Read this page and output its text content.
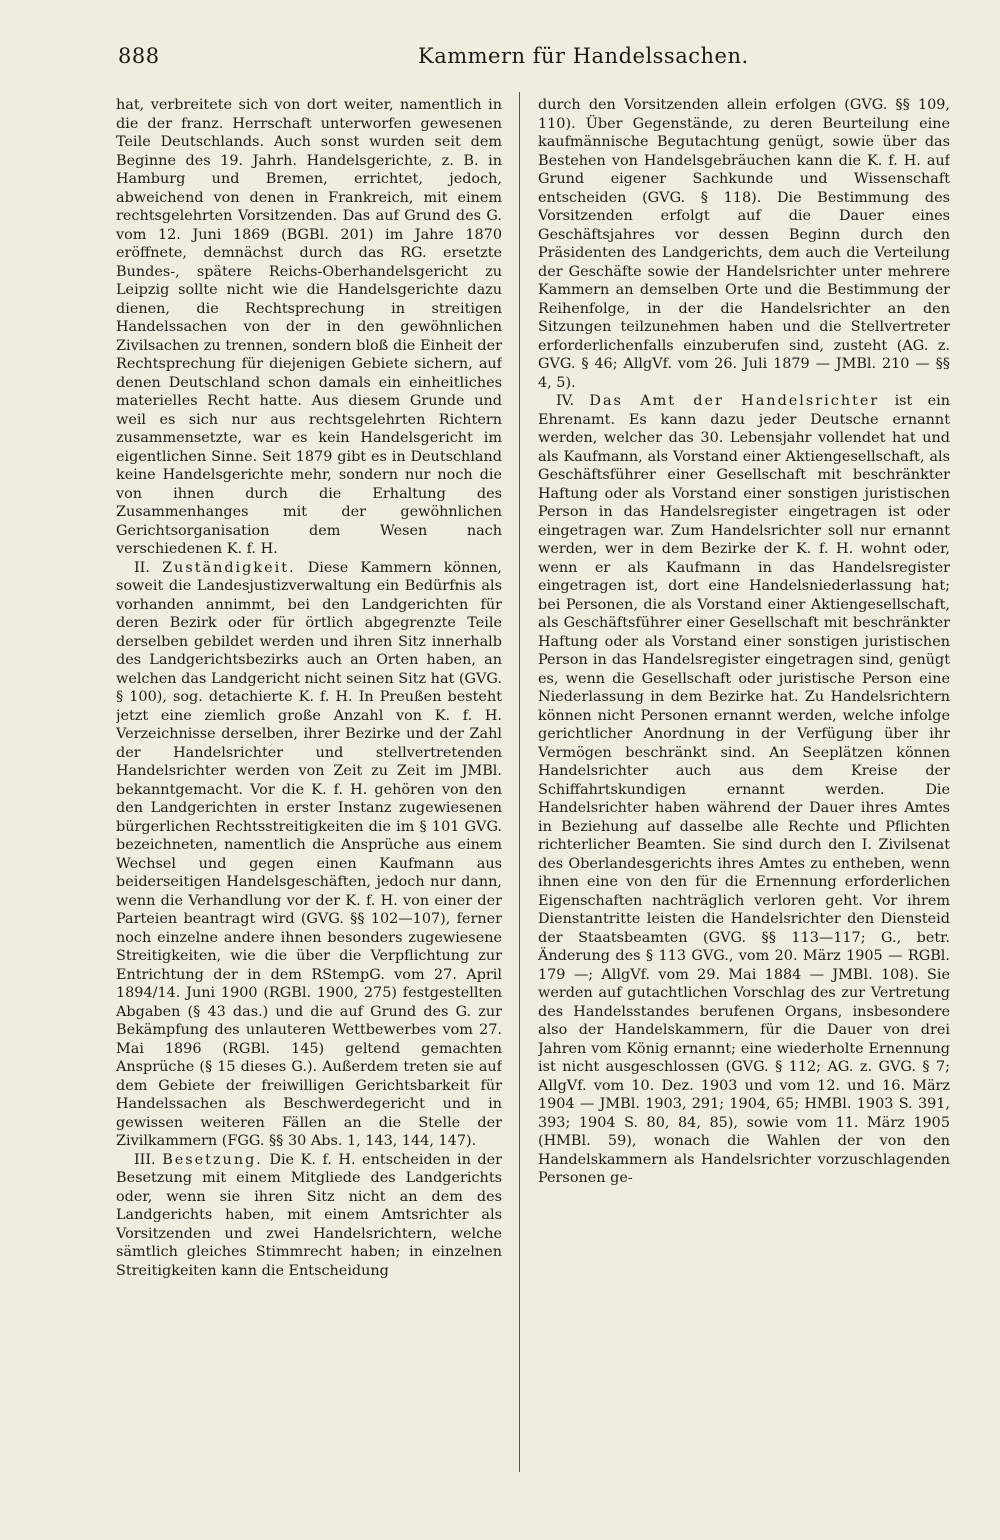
888	Kammern für Handelssachen.

hat, verbreitete sich von dort weiter, namentlich in die der franz. Herrschaft unterworfen gewesenen Teile Deutschlands. Auch sonst wurden seit dem Beginne des 19. Jahrh. Handelsgerichte, z. B. in Hamburg und Bremen, errichtet, jedoch, abweichend von denen in Frankreich, mit einem rechtsgelehrten Vorsitzenden. Das auf Grund des G. vom 12. Juni 1869 (BGBl. 201) im Jahre 1870 eröffnete, demnächst durch das RG. ersetzte Bundes-, spätere Reichs-Oberhandelsgericht zu Leipzig sollte nicht wie die Handelsgerichte dazu dienen, die Rechtsprechung in streitigen Handelssachen von der in den gewöhnlichen Zivilsachen zu trennen, sondern bloß die Einheit der Rechtsprechung für diejenigen Gebiete sichern, auf denen Deutschland schon damals ein einheitliches materielles Recht hatte. Aus diesem Grunde und weil es sich nur aus rechtsgelehrten Richtern zusammensetzte, war es kein Handelsgericht im eigentlichen Sinne. Seit 1879 gibt es in Deutschland keine Handelsgerichte mehr, sondern nur noch die von ihnen durch die Erhaltung des Zusammenhanges mit der gewöhnlichen Gerichtsorganisation dem Wesen nach verschiedenen K. f. H.

II. Zuständigkeit. Diese Kammern können, soweit die Landesjustizverwaltung ein Bedürfnis als vorhanden annimmt, bei den Landgerichten für deren Bezirk oder für örtlich abgegrenzte Teile derselben gebildet werden und ihren Sitz innerhalb des Landgerichtsbezirks auch an Orten haben, an welchen das Landgericht nicht seinen Sitz hat (GVG. § 100), sog. detachierte K. f. H. In Preußen besteht jetzt eine ziemlich große Anzahl von K. f. H. Verzeichnisse derselben, ihrer Bezirke und der Zahl der Handelsrichter und stellvertretenden Handelsrichter werden von Zeit zu Zeit im JMBl. bekanntgemacht. Vor die K. f. H. gehören von den den Landgerichten in erster Instanz zugewiesenen bürgerlichen Rechtsstreitigkeiten die im § 101 GVG. bezeichneten, namentlich die Ansprüche aus einem Wechsel und gegen einen Kaufmann aus beiderseitigen Handelsgeschäften, jedoch nur dann, wenn die Verhandlung vor der K. f. H. von einer der Parteien beantragt wird (GVG. §§ 102—107), ferner noch einzelne andere ihnen besonders zugewiesene Streitigkeiten, wie die über die Verpflichtung zur Entrichtung der in dem RStempG. vom 27. April 1894/14. Juni 1900 (RGBl. 1900, 275) festgestellten Abgaben (§ 43 das.) und die auf Grund des G. zur Bekämpfung des unlauteren Wettbewerbes vom 27. Mai 1896 (RGBl. 145) geltend gemachten Ansprüche (§ 15 dieses G.). Außerdem treten sie auf dem Gebiete der freiwilligen Gerichtsbarkeit für Handelssachen als Beschwerdegericht und in gewissen weiteren Fällen an die Stelle der Zivilkammern (FGG. §§ 30 Abs. 1, 143, 144, 147).

III. Besetzung. Die K. f. H. entscheiden in der Besetzung mit einem Mitgliede des Landgerichts oder, wenn sie ihren Sitz nicht an dem des Landgerichts haben, mit einem Amtsrichter als Vorsitzenden und zwei Handelsrichtern, welche sämtlich gleiches Stimmrecht haben; in einzelnen Streitigkeiten kann die Entscheidung

durch den Vorsitzenden allein erfolgen (GVG. §§ 109, 110). Über Gegenstände, zu deren Beurteilung eine kaufmännische Begutachtung genügt, sowie über das Bestehen von Handelsgebräuchen kann die K. f. H. auf Grund eigener Sachkunde und Wissenschaft entscheiden (GVG. § 118). Die Bestimmung des Vorsitzenden erfolgt auf die Dauer eines Geschäftsjahres vor dessen Beginn durch den Präsidenten des Landgerichts, dem auch die Verteilung der Geschäfte sowie der Handelsrichter unter mehrere Kammern an demselben Orte und die Bestimmung der Reihenfolge, in der die Handelsrichter an den Sitzungen teilzunehmen haben und die Stellvertreter erforderlichenfalls einzuberufen sind, zusteht (AG. z. GVG. § 46; AllgVf. vom 26. Juli 1879 — JMBl. 210 — §§ 4, 5).

IV. Das Amt der Handelsrichter ist ein Ehrenamt. Es kann dazu jeder Deutsche ernannt werden, welcher das 30. Lebensjahr vollendet hat und als Kaufmann, als Vorstand einer Aktiengesellschaft, als Geschäftsführer einer Gesellschaft mit beschränkter Haftung oder als Vorstand einer sonstigen juristischen Person in das Handelsregister eingetragen ist oder eingetragen war. Zum Handelsrichter soll nur ernannt werden, wer in dem Bezirke der K. f. H. wohnt oder, wenn er als Kaufmann in das Handelsregister eingetragen ist, dort eine Handelsniederlassung hat; bei Personen, die als Vorstand einer Aktiengesellschaft, als Geschäftsführer einer Gesellschaft mit beschränkter Haftung oder als Vorstand einer sonstigen juristischen Person in das Handelsregister eingetragen sind, genügt es, wenn die Gesellschaft oder juristische Person eine Niederlassung in dem Bezirke hat. Zu Handelsrichtern können nicht Personen ernannt werden, welche infolge gerichtlicher Anordnung in der Verfügung über ihr Vermögen beschränkt sind. An Seeplätzen können Handelsrichter auch aus dem Kreise der Schiffahrtskundigen ernannt werden. Die Handelsrichter haben während der Dauer ihres Amtes in Beziehung auf dasselbe alle Rechte und Pflichten richterlicher Beamten. Sie sind durch den I. Zivilsenat des Oberlandesgerichts ihres Amtes zu entheben, wenn ihnen eine von den für die Ernennung erforderlichen Eigenschaften nachträglich verloren geht. Vor ihrem Dienstantritte leisten die Handelsrichter den Diensteid der Staatsbeamten (GVG. §§ 113—117; G., betr. Änderung des § 113 GVG., vom 20. März 1905 — RGBl. 179 —; AllgVf. vom 29. Mai 1884 — JMBl. 108). Sie werden auf gutachtlichen Vorschlag des zur Vertretung des Handelsstandes berufenen Organs, insbesondere also der Handelskammern, für die Dauer von drei Jahren vom König ernannt; eine wiederholte Ernennung ist nicht ausgeschlossen (GVG. § 112; AG. z. GVG. § 7; AllgVf. vom 10. Dez. 1903 und vom 12. und 16. März 1904 — JMBl. 1903, 291; 1904, 65; HMBl. 1903 S. 391, 393; 1904 S. 80, 84, 85), sowie vom 11. März 1905 (HMBl. 59), wonach die Wahlen der von den Handelskammern als Handelsrichter vorzuschlagenden Personen ge-
